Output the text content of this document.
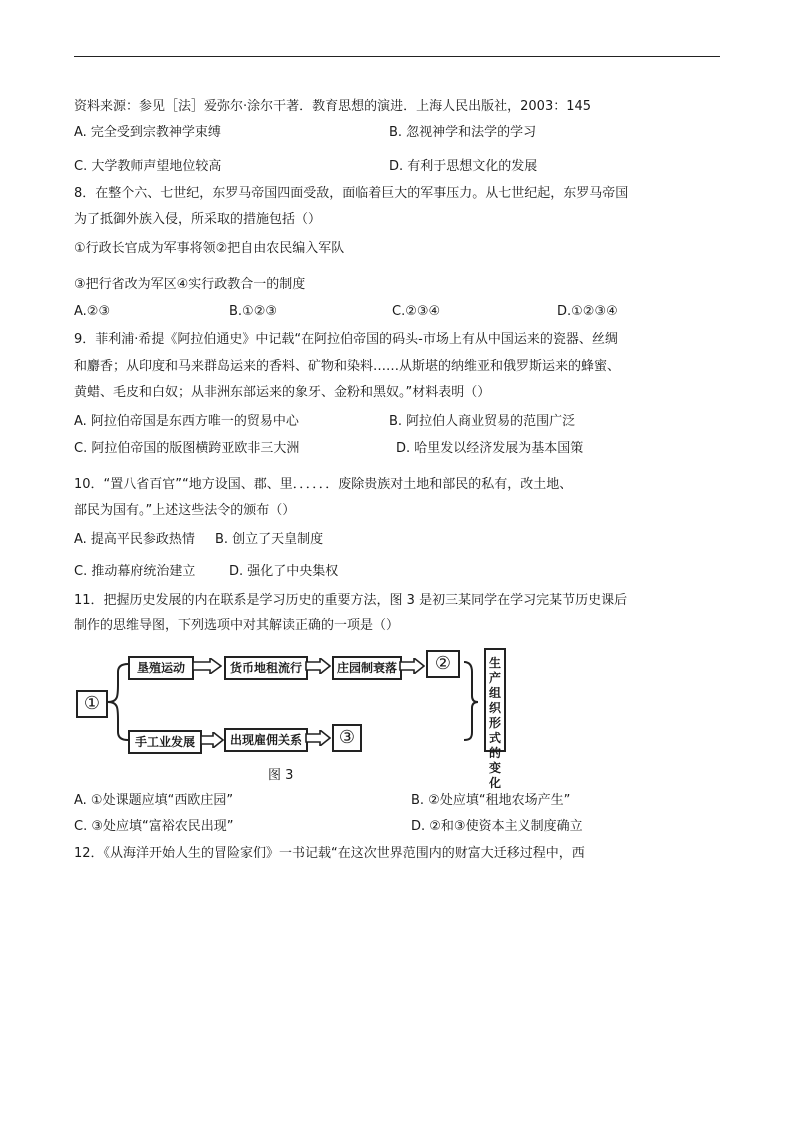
资料来源：参见［法］爱弥尔·涂尔干著．教育思想的演进．上海人民出版社，2003：145
A. 完全受到宗教神学束缚	B. 忽视神学和法学的学习
C. 大学教师声望地位较高	D. 有利于思想文化的发展
8．在整个六、七世纪，东罗马帝国四面受敌，面临着巨大的军事压力。从七世纪起，东罗马帝国
为了抵御外族入侵，所采取的措施包括（）
①行政长官成为军事将领②把自由农民编入军队
③把行省改为军区④实行政教合一的制度
A.②③	B.①②③	C.②③④	D.①②③④
9．菲利浦·希提《阿拉伯通史》中记载“在阿拉伯帝国的码头-市场上有从中国运来的瓷器、丝绸
和麝香；从印度和马来群岛运来的香料、矿物和染料……从斯堪的纳维亚和俄罗斯运来的蜂蜜、
黄蜡、毛皮和白奴；从非洲东部运来的象牙、金粉和黑奴。”材料表明（）
A. 阿拉伯帝国是东西方唯一的贸易中心	B. 阿拉伯人商业贸易的范围广泛
C. 阿拉伯帝国的版图横跨亚欧非三大洲	D. 哈里发以经济发展为基本国策
10．“置八省百官”“地方设国、郡、里．．．．．．废除贵族对土地和部民的私有，改土地、
部民为国有。”上述这些法令的颁布（）
A. 提高平民参政热情 B. 创立了天皇制度
C. 推动幕府统治建立	D. 强化了中央集权
11．把握历史发展的内在联系是学习历史的重要方法，图 3 是初三某同学在学习完某节历史课后
制作的思维导图，下列选项中对其解读正确的一项是（）
①
垦殖运动	货币地租流行	庄园制衰落	②
手工业发展	出现雇佣关系	③
生产组织形式的变化
图 3
A. ①处课题应填“西欧庄园”	B. ②处应填“租地农场产生”
C. ③处应填“富裕农民出现”	D. ②和③使资本主义制度确立
12．《从海洋开始人生的冒险家们》一书记载“在这次世界范围内的财富大迁移过程中，西
